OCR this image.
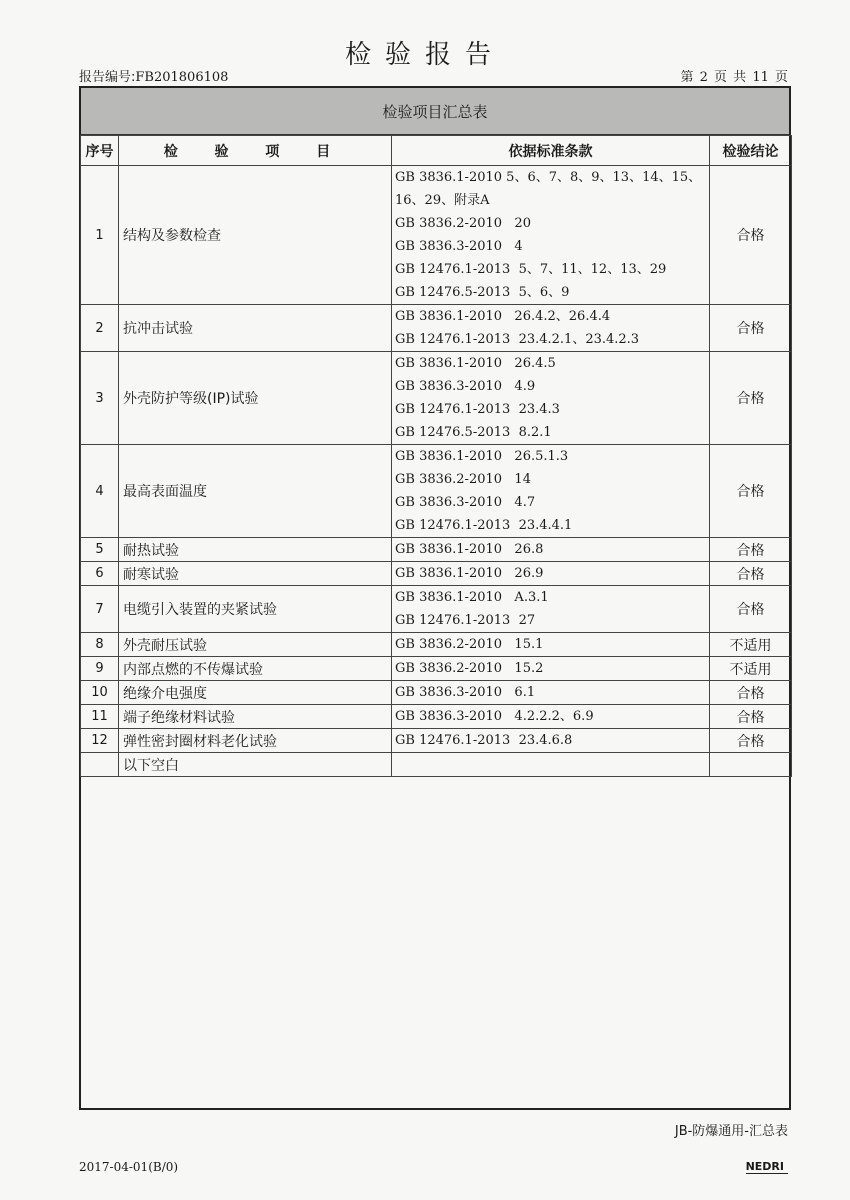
检验报告
报告编号:FB201806108	第 2 页 共 11 页
检验项目汇总表
序号	检 验 项 目	依据标准条款	检验结论
1	结构及参数检查	GB 3836.1-2010 5、6、7、8、9、13、14、15、16、29、附录A
GB 3836.2-2010   20
GB 3836.3-2010   4
GB 12476.1-2013  5、7、11、12、13、29
GB 12476.5-2013  5、6、9	合格
2	抗冲击试验	GB 3836.1-2010   26.4.2、26.4.4
GB 12476.1-2013  23.4.2.1、23.4.2.3	合格
3	外壳防护等级(IP)试验	GB 3836.1-2010   26.4.5
GB 3836.3-2010   4.9
GB 12476.1-2013  23.4.3
GB 12476.5-2013  8.2.1	合格
4	最高表面温度	GB 3836.1-2010   26.5.1.3
GB 3836.2-2010   14
GB 3836.3-2010   4.7
GB 12476.1-2013  23.4.4.1	合格
5	耐热试验	GB 3836.1-2010   26.8	合格
6	耐寒试验	GB 3836.1-2010   26.9	合格
7	电缆引入装置的夹紧试验	GB 3836.1-2010   A.3.1
GB 12476.1-2013  27	合格
8	外壳耐压试验	GB 3836.2-2010   15.1	不适用
9	内部点燃的不传爆试验	GB 3836.2-2010   15.2	不适用
10	绝缘介电强度	GB 3836.3-2010   6.1	合格
11	端子绝缘材料试验	GB 3836.3-2010   4.2.2.2、6.9	合格
12	弹性密封圈材料老化试验	GB 12476.1-2013  23.4.6.8	合格
	以下空白	

JB-防爆通用-汇总表
2017-04-01(B/0)	NEDRI
